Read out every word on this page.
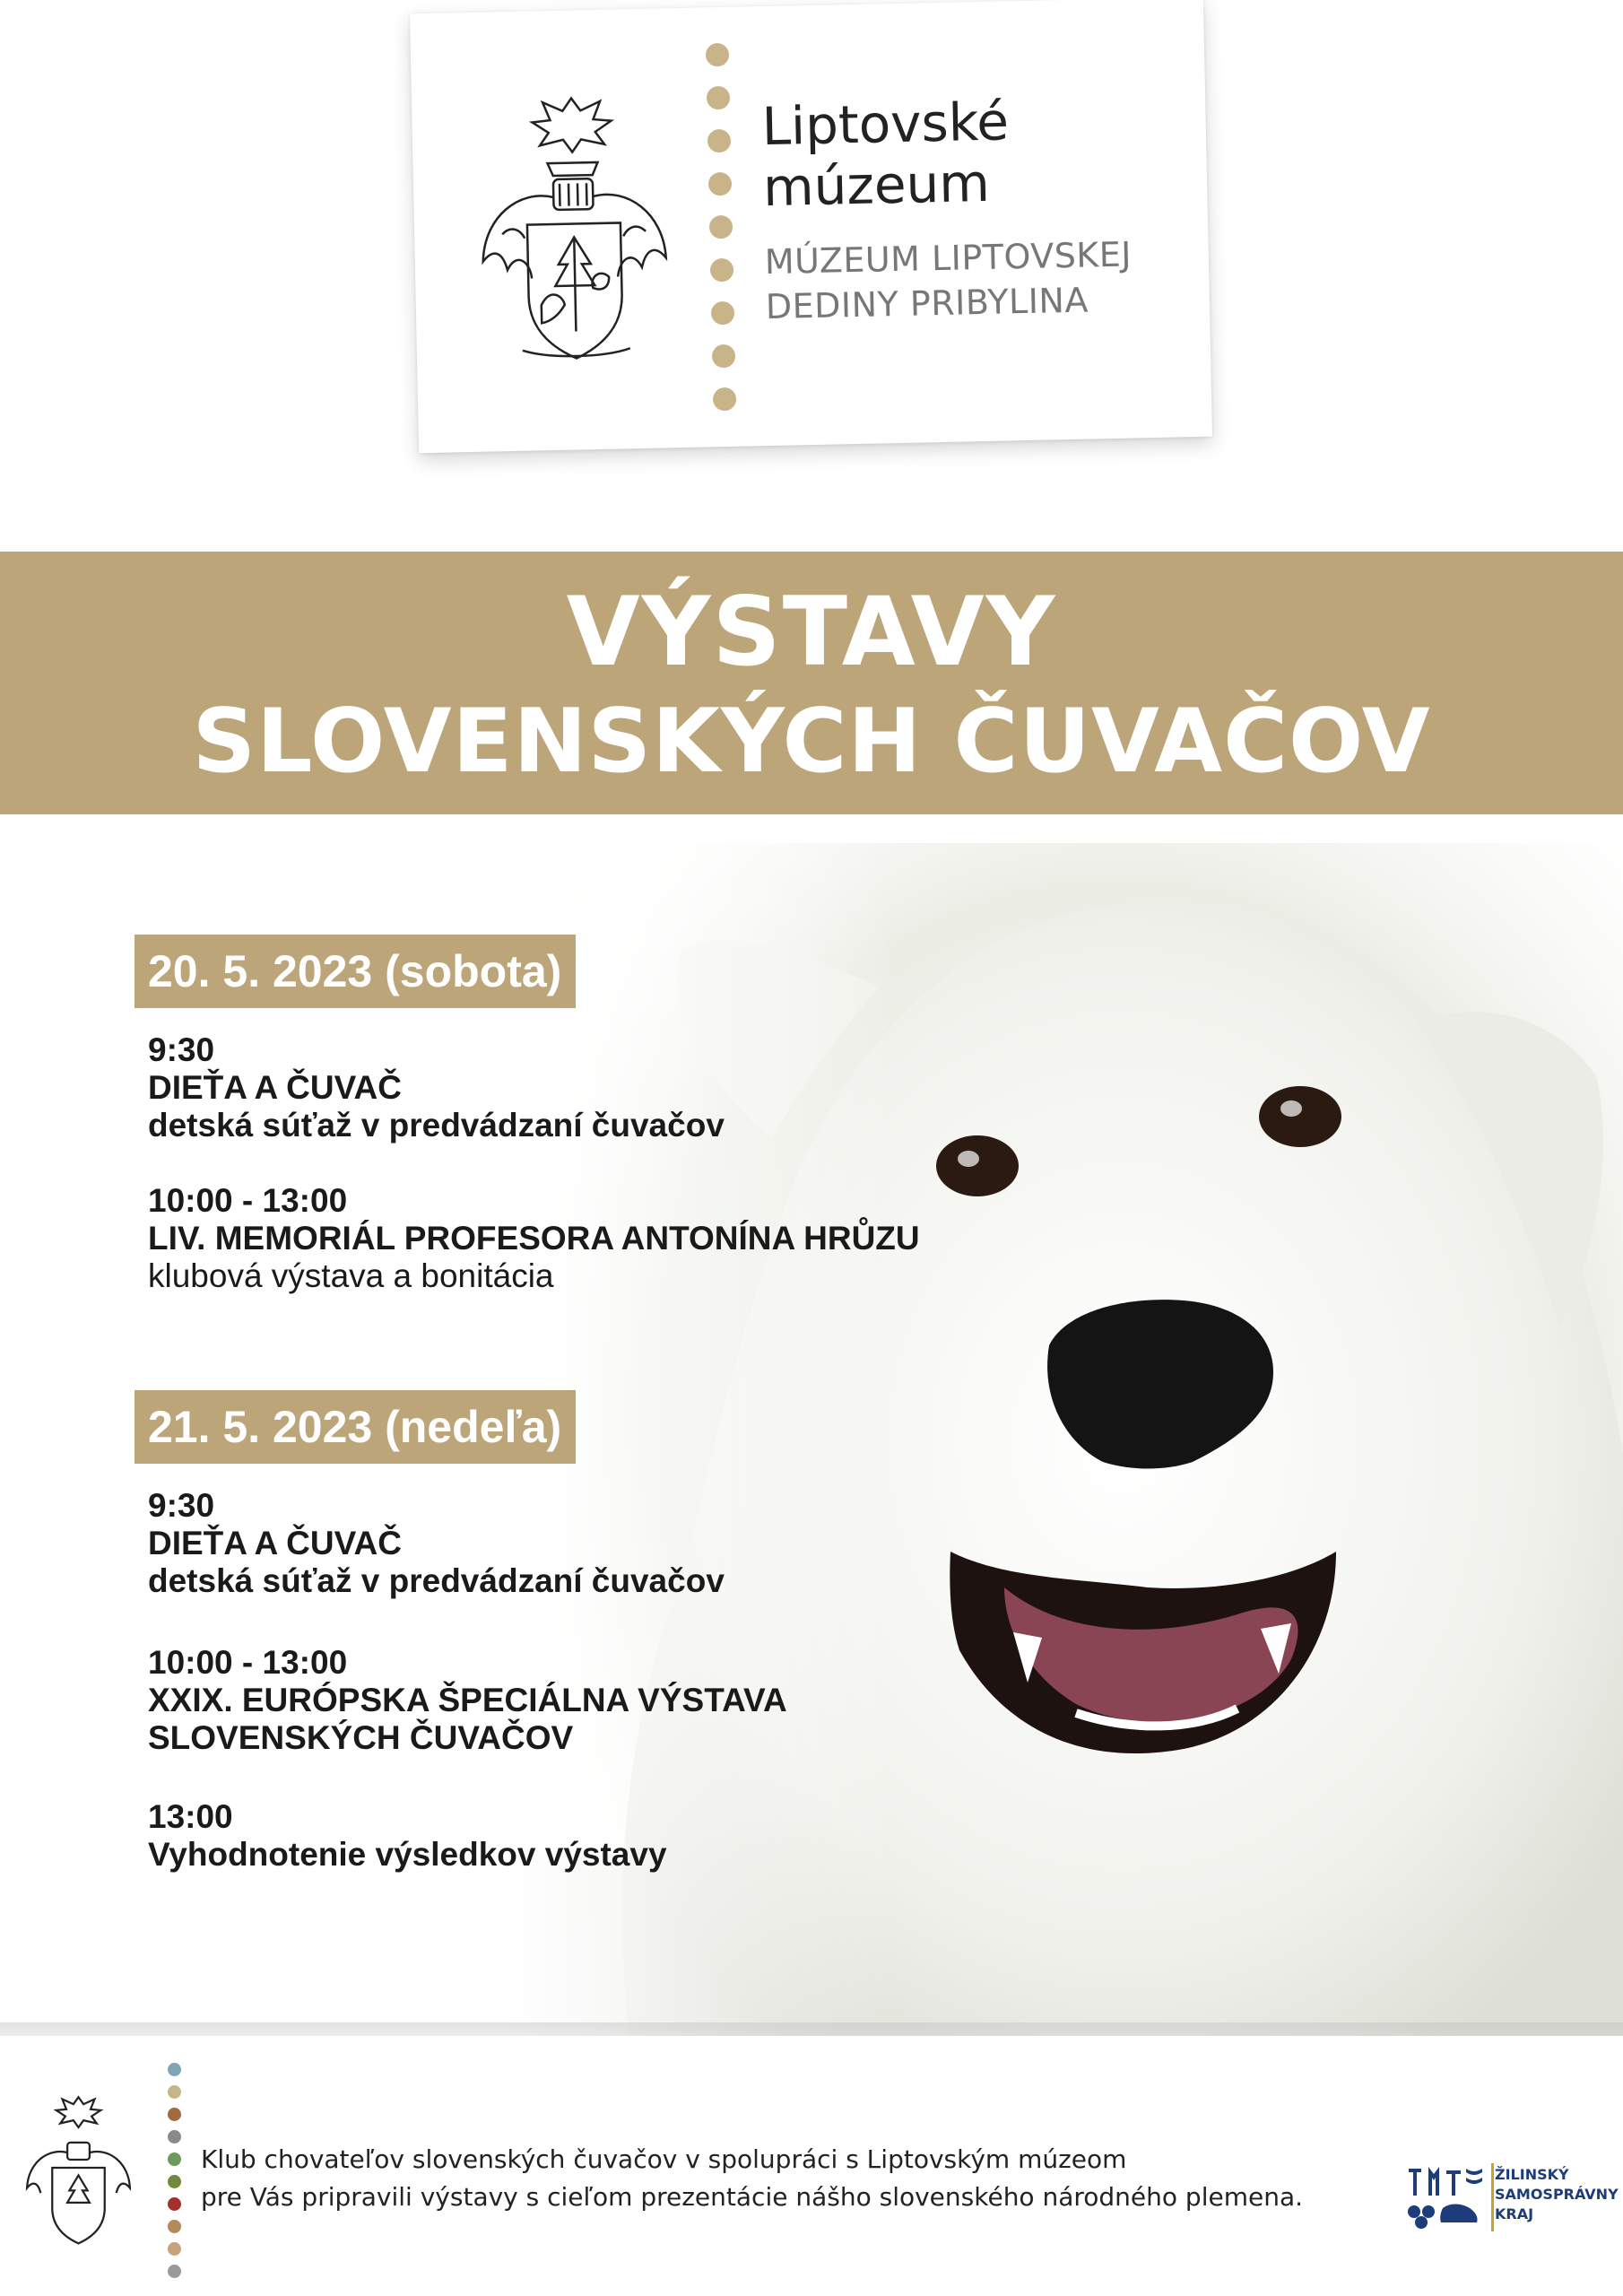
Liptovské
múzeum
MÚZEUM LIPTOVSKEJ
DEDINY PRIBYLINA
VÝSTAVY
SLOVENSKÝCH ČUVAČOV
20. 5. 2023 (sobota)
9:30
DIEŤA A ČUVAČ
detská súťaž v predvádzaní čuvačov
10:00 - 13:00
LIV. MEMORIÁL PROFESORA ANTONÍNA HRŮZU
klubová výstava a bonitácia
21. 5. 2023 (nedeľa)
9:30
DIEŤA A ČUVAČ
detská súťaž v predvádzaní čuvačov
10:00 - 13:00
XXIX. EURÓPSKA ŠPECIÁLNA VÝSTAVA
SLOVENSKÝCH ČUVAČOV
13:00
Vyhodnotenie výsledkov výstavy
Klub chovateľov slovenských čuvačov v spolupráci s Liptovským múzeom
pre Vás pripravili výstavy s cieľom prezentácie nášho slovenského národného plemena.
ŽILINSKÝ
SAMOSPRÁVNY
KRAJ
